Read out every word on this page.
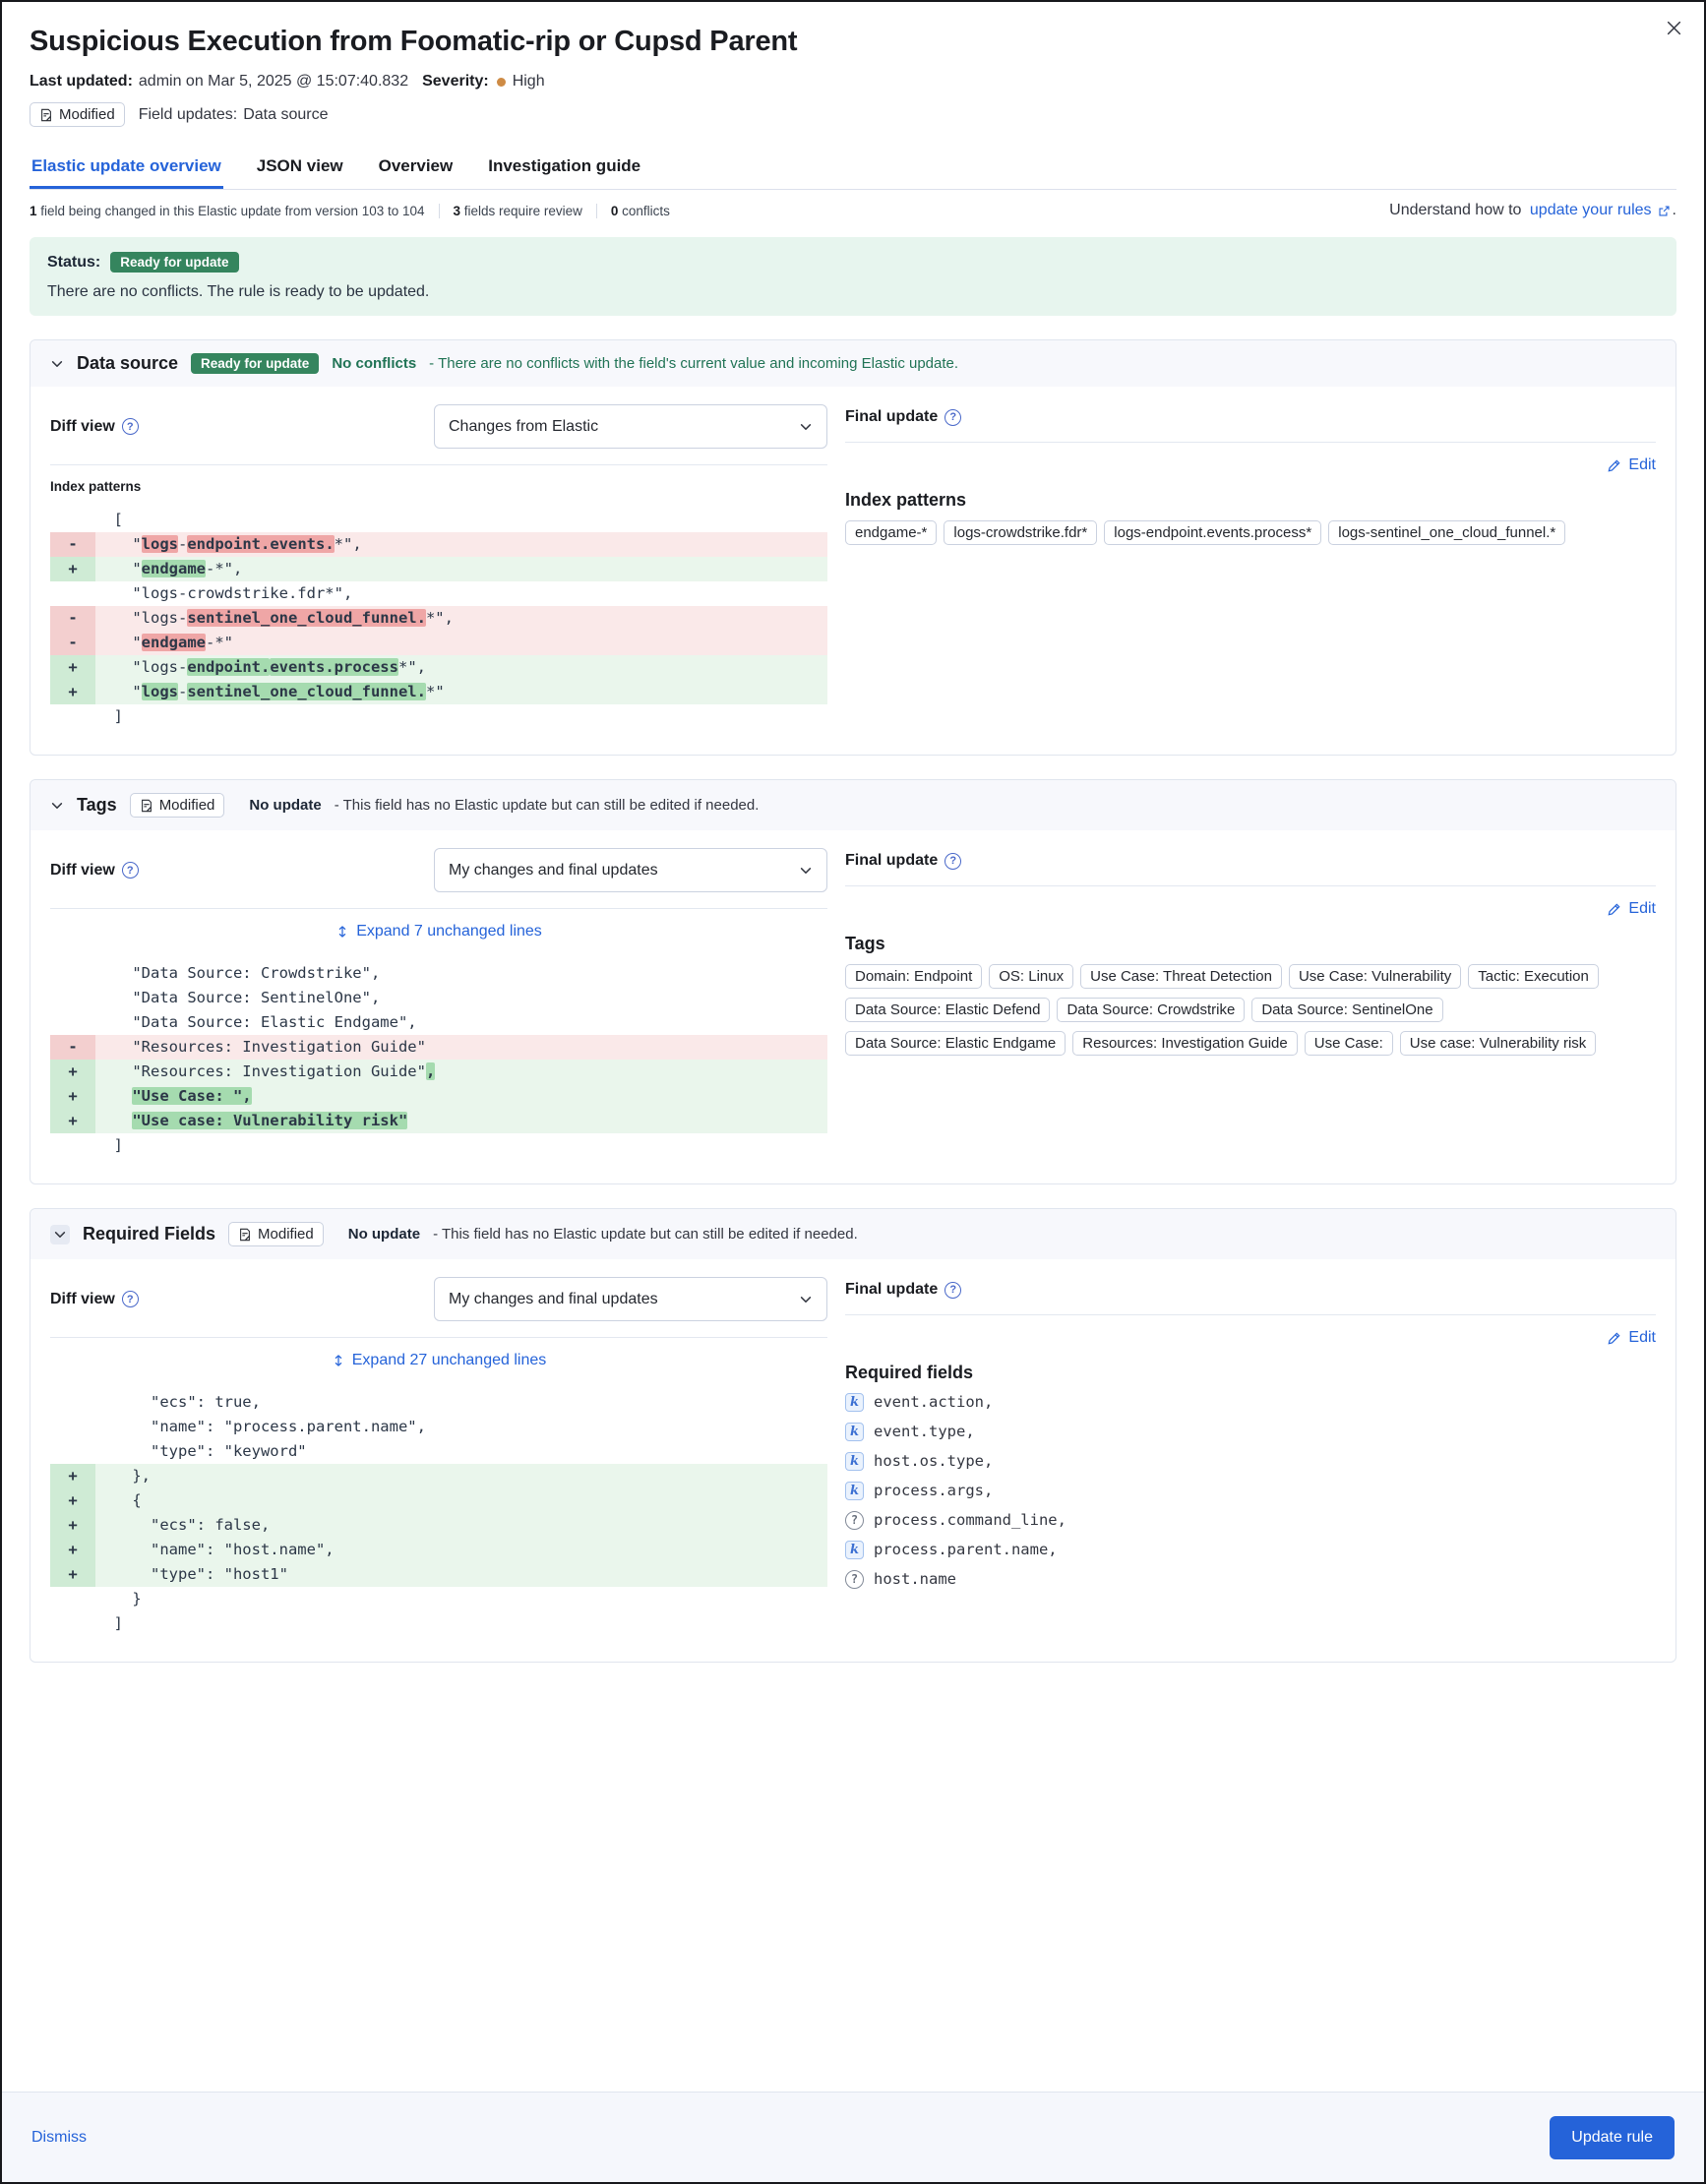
Suspicious Execution from Foomatic-rip or Cupsd Parent
Last updated: admin on Mar 5, 2025 @ 15:07:40.832 Severity: High
Modified Field updates: Data source
Elastic update overview JSON view Overview Investigation guide
1 field being changed in this Elastic update from version 103 to 104 3 fields require review 0 conflicts	Understand how to
update your rules .
Status:	Ready for update
There are no conflicts. The rule is ready to be updated.
Data source	Ready for update	No conflicts - There are no conflicts with the field's current value and incoming Elastic update.
Diff view	?	Changes from Elastic
Index patterns
[
-	"logs-endpoint.events.*",
+	"endgame-*",
"logs-crowdstrike.fdr*",
-	"logs-sentinel_one_cloud_funnel.*",
-	"endgame-*"
+	"logs-endpoint.events.process*",
+	"logs-sentinel_one_cloud_funnel.*"
]
Final update	?
Edit
Index patterns
endgame-*	logs-crowdstrike.fdr*	logs-endpoint.events.process*	logs-sentinel_one_cloud_funnel.*
Tags	Modified No update - This field has no Elastic update but can still be edited if needed.
Diff view	?	My changes and final updates
Expand 7 unchanged lines
"Data Source: Crowdstrike",
"Data Source: SentinelOne",
"Data Source: Elastic Endgame",
-	"Resources: Investigation Guide"
+	"Resources: Investigation Guide",
+	"Use Case: ",
+	"Use case: Vulnerability risk"
]
Final update	?
Edit
Tags
Domain: Endpoint	OS: Linux	Use Case: Threat Detection	Use Case: Vulnerability	Tactic: Execution
Data Source: Elastic Defend	Data Source: Crowdstrike	Data Source: SentinelOne
Data Source: Elastic Endgame	Resources: Investigation Guide	Use Case:	Use case: Vulnerability risk
Required Fields	Modified No update - This field has no Elastic update but can still be edited if needed.
Diff view	?	My changes and final updates
Expand 27 unchanged lines
"ecs": true,
"name": "process.parent.name",
"type": "keyword"
+	},
+	{
+	"ecs": false,
+	"name": "host.name",
+	"type": "host1"
}
]
Final update	?
Edit
Required fields
k event.action,
k event.type,
k host.os.type,
k process.args,
?	process.command_line,
k process.parent.name,
?	host.name
Dismiss	Update rule
